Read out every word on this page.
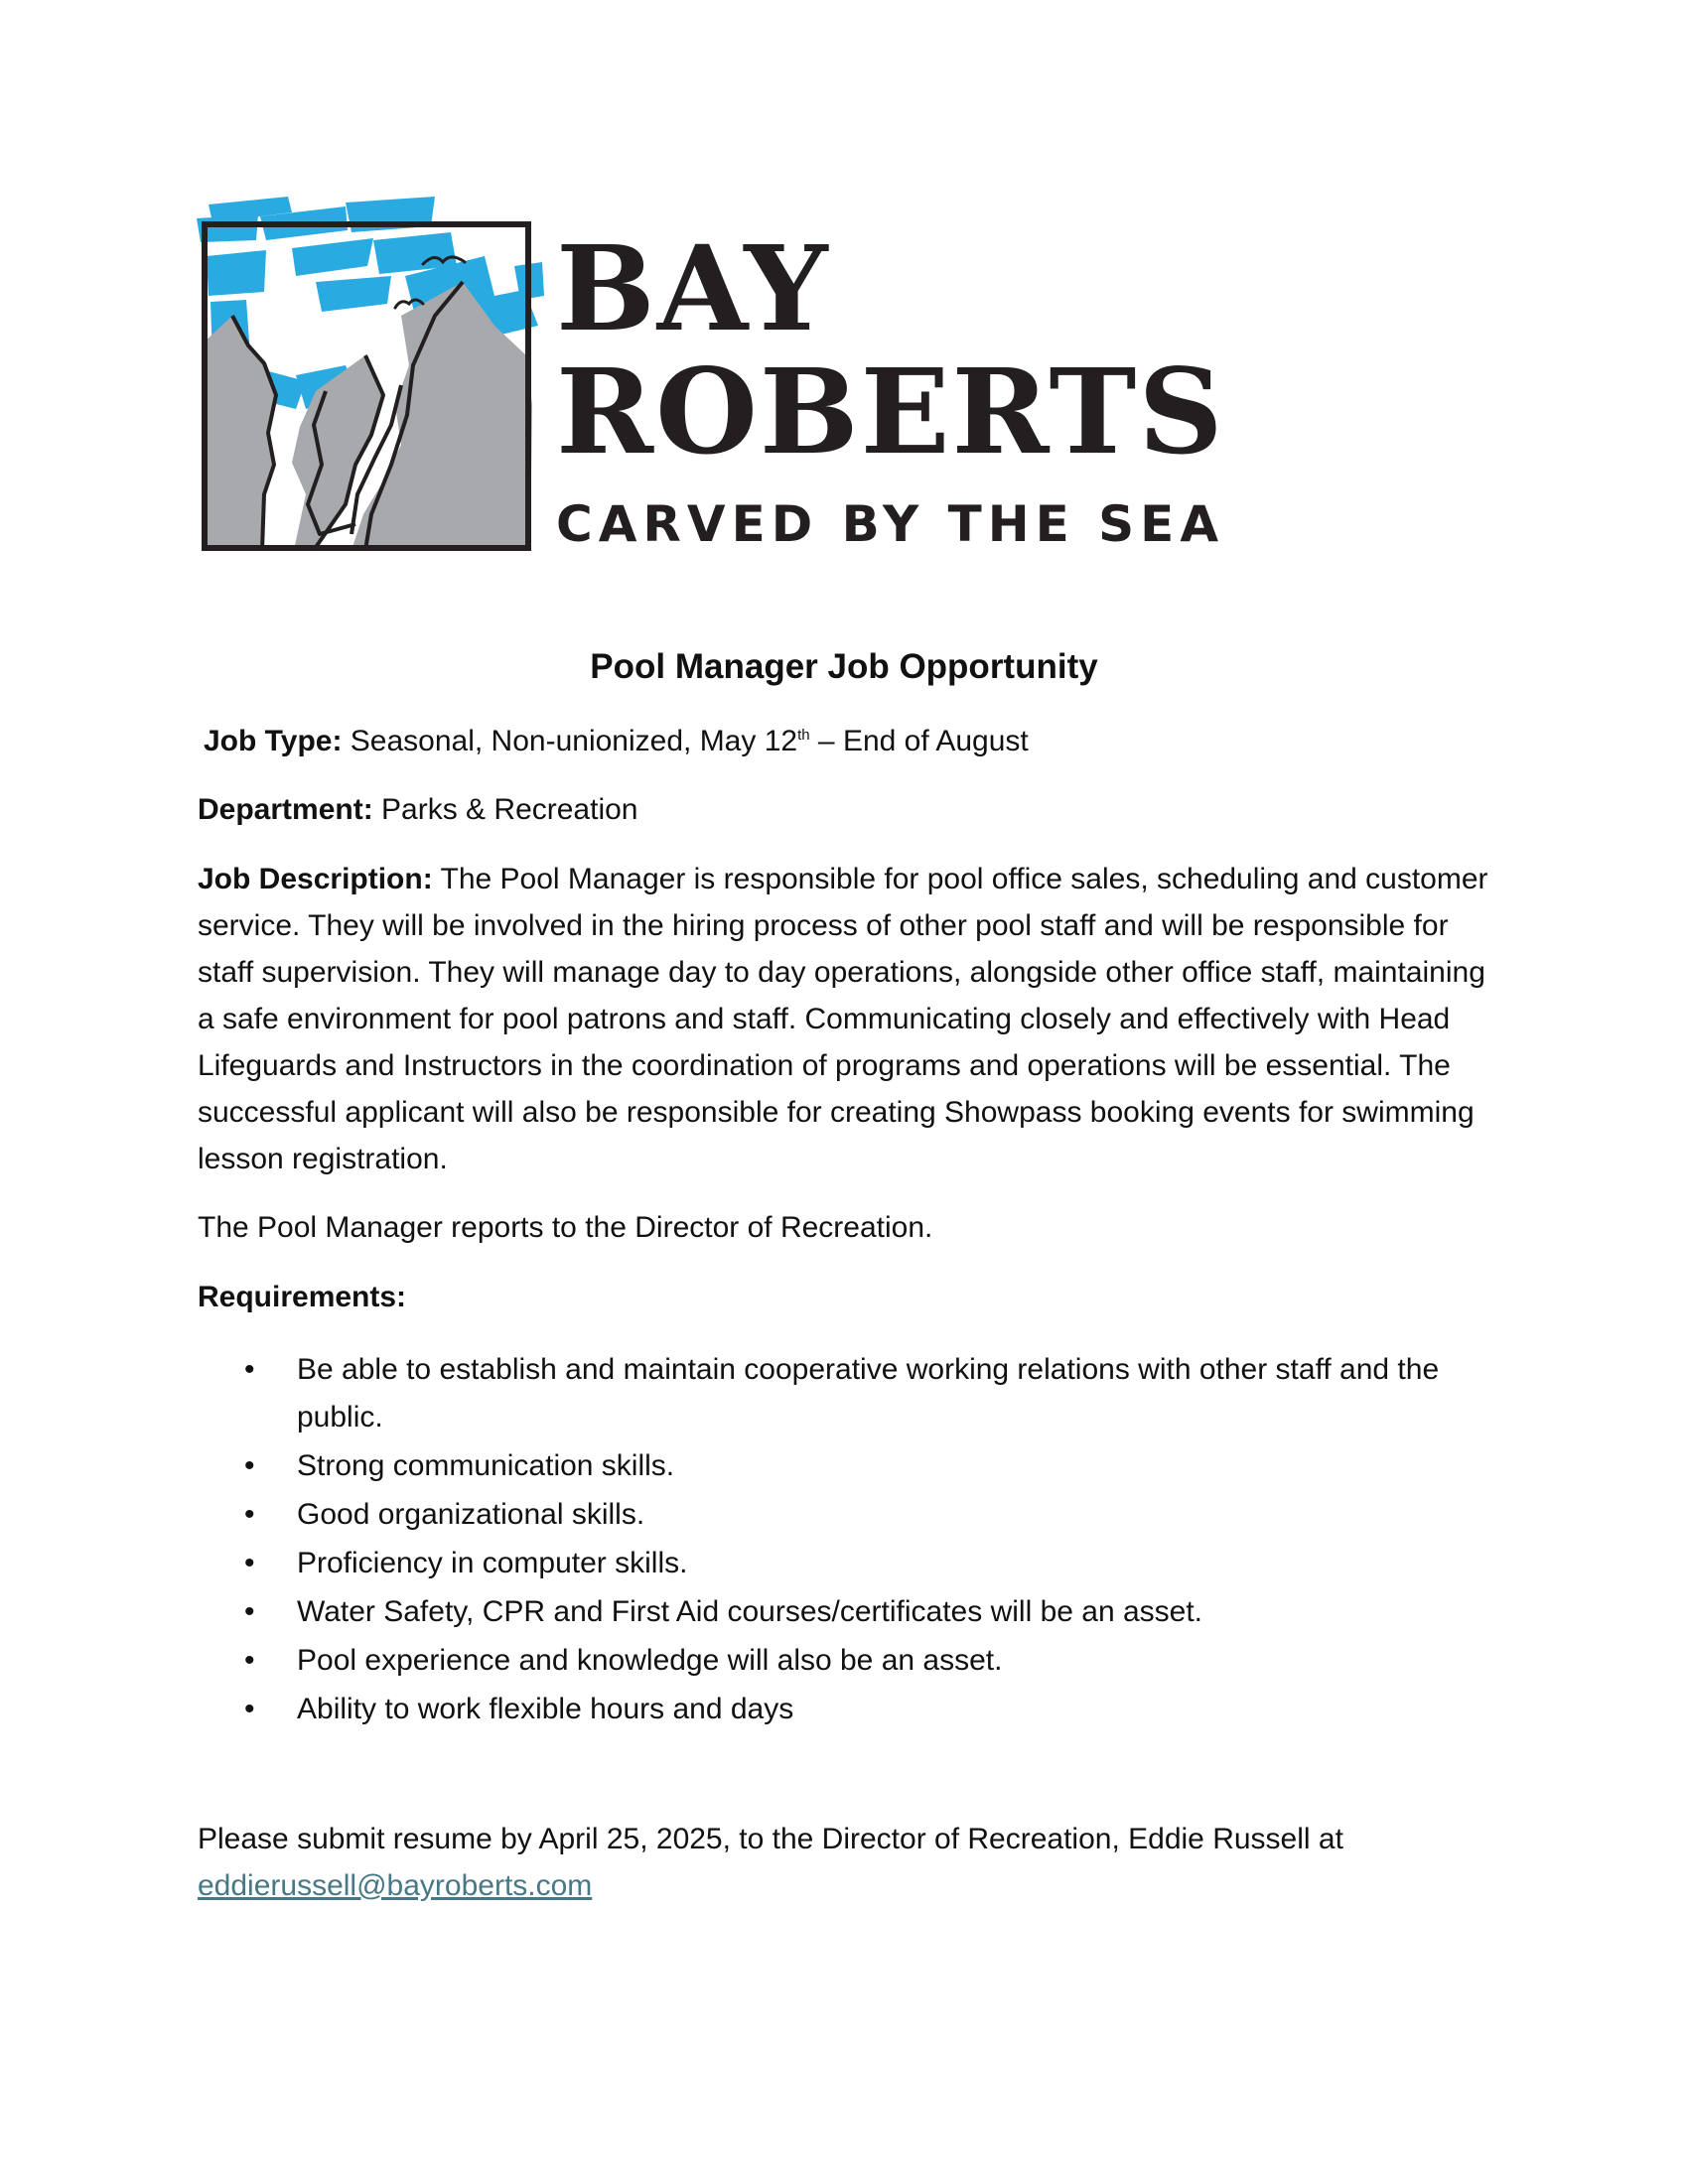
BAY
ROBERTS
CARVED BY THE SEA
Pool Manager Job Opportunity
Job Type: Seasonal, Non-unionized, May 12th – End of August
Department: Parks & Recreation
Job Description: The Pool Manager is responsible for pool office sales, scheduling and customer service. They will be involved in the hiring process of other pool staff and will be responsible for staff supervision. They will manage day to day operations, alongside other office staff, maintaining a safe environment for pool patrons and staff. Communicating closely and effectively with Head Lifeguards and Instructors in the coordination of programs and operations will be essential. The successful applicant will also be responsible for creating Showpass booking events for swimming lesson registration.
The Pool Manager reports to the Director of Recreation.
Requirements:
• Be able to establish and maintain cooperative working relations with other staff and the public.
• Strong communication skills.
• Good organizational skills.
• Proficiency in computer skills.
• Water Safety, CPR and First Aid courses/certificates will be an asset.
• Pool experience and knowledge will also be an asset.
• Ability to work flexible hours and days
Please submit resume by April 25, 2025, to the Director of Recreation, Eddie Russell at
eddierussell@bayroberts.com
